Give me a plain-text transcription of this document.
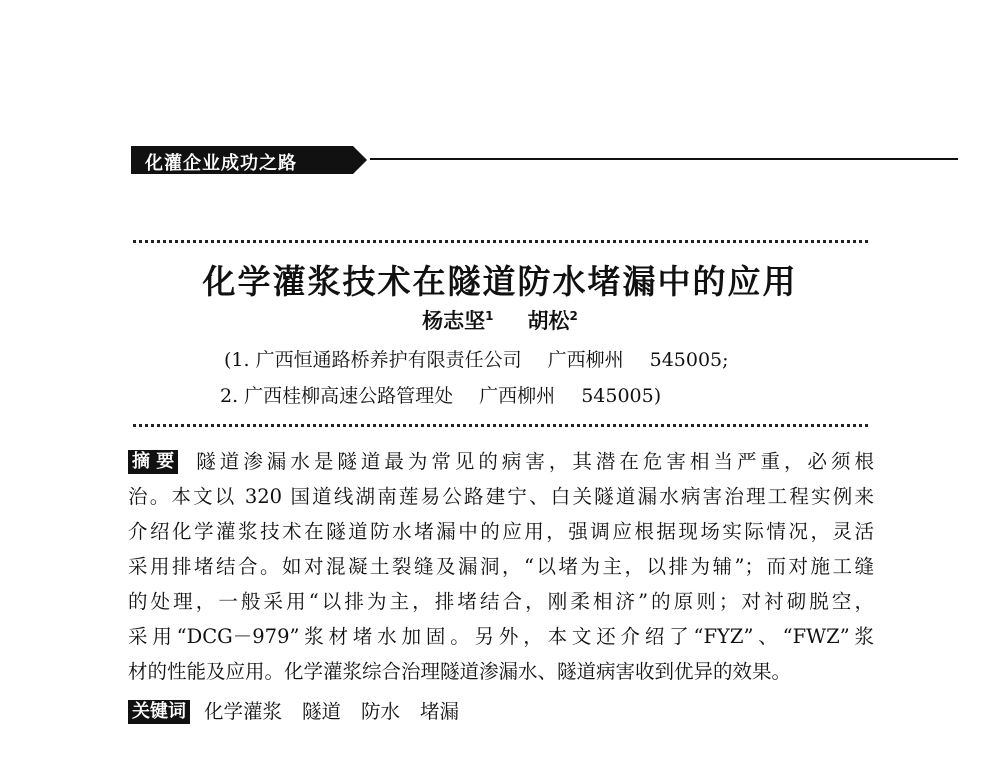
化灌企业成功之路
化学灌浆技术在隧道防水堵漏中的应用
杨志坚$^1$ 胡松$^2$
(1. 广西恒通路桥养护有限责任公司 广西柳州 545005;
2. 广西桂柳高速公路管理处 广西柳州 545005)
摘 要 隧道渗漏水是隧道最为常见的病害，其潜在危害相当严重，必须根
治。本文以 320 国道线湖南莲易公路建宁、白关隧道漏水病害治理工程实例来
介绍化学灌浆技术在隧道防水堵漏中的应用，强调应根据现场实际情况，灵活
采用排堵结合。如对混凝土裂缝及漏洞，“以堵为主，以排为辅”；而对施工缝
的处理，一般采用“以排为主，排堵结合，刚柔相济”的原则；对衬砌脱空，
采用“DCG－979”浆材堵水加固。另外，本文还介绍了“FYZ”、“FWZ”浆
材的性能及应用。化学灌浆综合治理隧道渗漏水、隧道病害收到优异的效果。
关键词 化学灌浆 隧道 防水 堵漏
